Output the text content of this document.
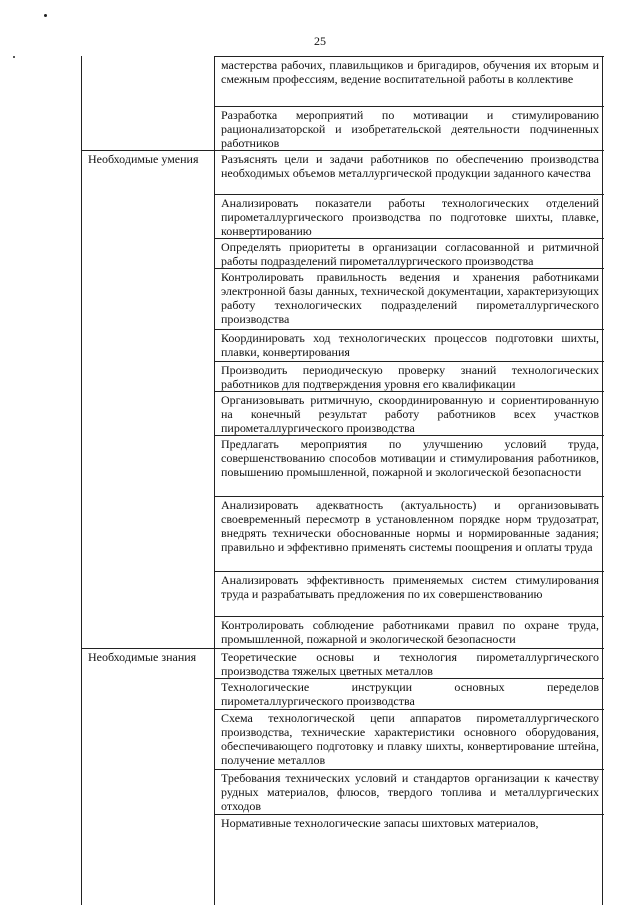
25

Необходимые умения

Необходимые знания

мастерства рабочих, плавильщиков и бригадиров, обучения их вторым и смежным профессиям, ведение воспитательной работы в коллективе

Разработка мероприятий по мотивации и стимулированию рационализаторской и изобретательской деятельности подчиненных работников

Разъяснять цели и задачи работников по обеспечению производства необходимых объемов металлургической продукции заданного качества

Анализировать показатели работы технологических отделений пирометаллургического производства по подготовке шихты, плавке, конвертированию

Определять приоритеты в организации согласованной и ритмичной работы подразделений пирометаллургического производства

Контролировать правильность ведения и хранения работниками электронной базы данных, технической документации, характеризующих работу технологических подразделений пирометаллургического производства

Координировать ход технологических процессов подготовки шихты, плавки, конвертирования

Производить периодическую проверку знаний технологических работников для подтверждения уровня его квалификации

Организовывать ритмичную, скоординированную и сориентированную на конечный результат работу работников всех участков пирометаллургического производства

Предлагать мероприятия по улучшению условий труда, совершенствованию способов мотивации и стимулирования работников, повышению промышленной, пожарной и экологической безопасности

Анализировать адекватность (актуальность) и организовывать своевременный пересмотр в установленном порядке норм трудозатрат, внедрять технически обоснованные нормы и нормированные задания; правильно и эффективно применять системы поощрения и оплаты труда

Анализировать эффективность применяемых систем стимулирования труда и разрабатывать предложения по их совершенствованию

Контролировать соблюдение работниками правил по охране труда, промышленной, пожарной и экологической безопасности

Теоретические основы и технология пирометаллургического производства тяжелых цветных металлов

Технологические инструкции основных переделов пирометаллургического производства

Схема технологической цепи аппаратов пирометаллургического производства, технические характеристики основного оборудования, обеспечивающего подготовку и плавку шихты, конвертирование штейна, получение металлов

Требования технических условий и стандартов организации к качеству рудных материалов, флюсов, твердого топлива и металлургических отходов

Нормативные технологические запасы шихтовых материалов,
